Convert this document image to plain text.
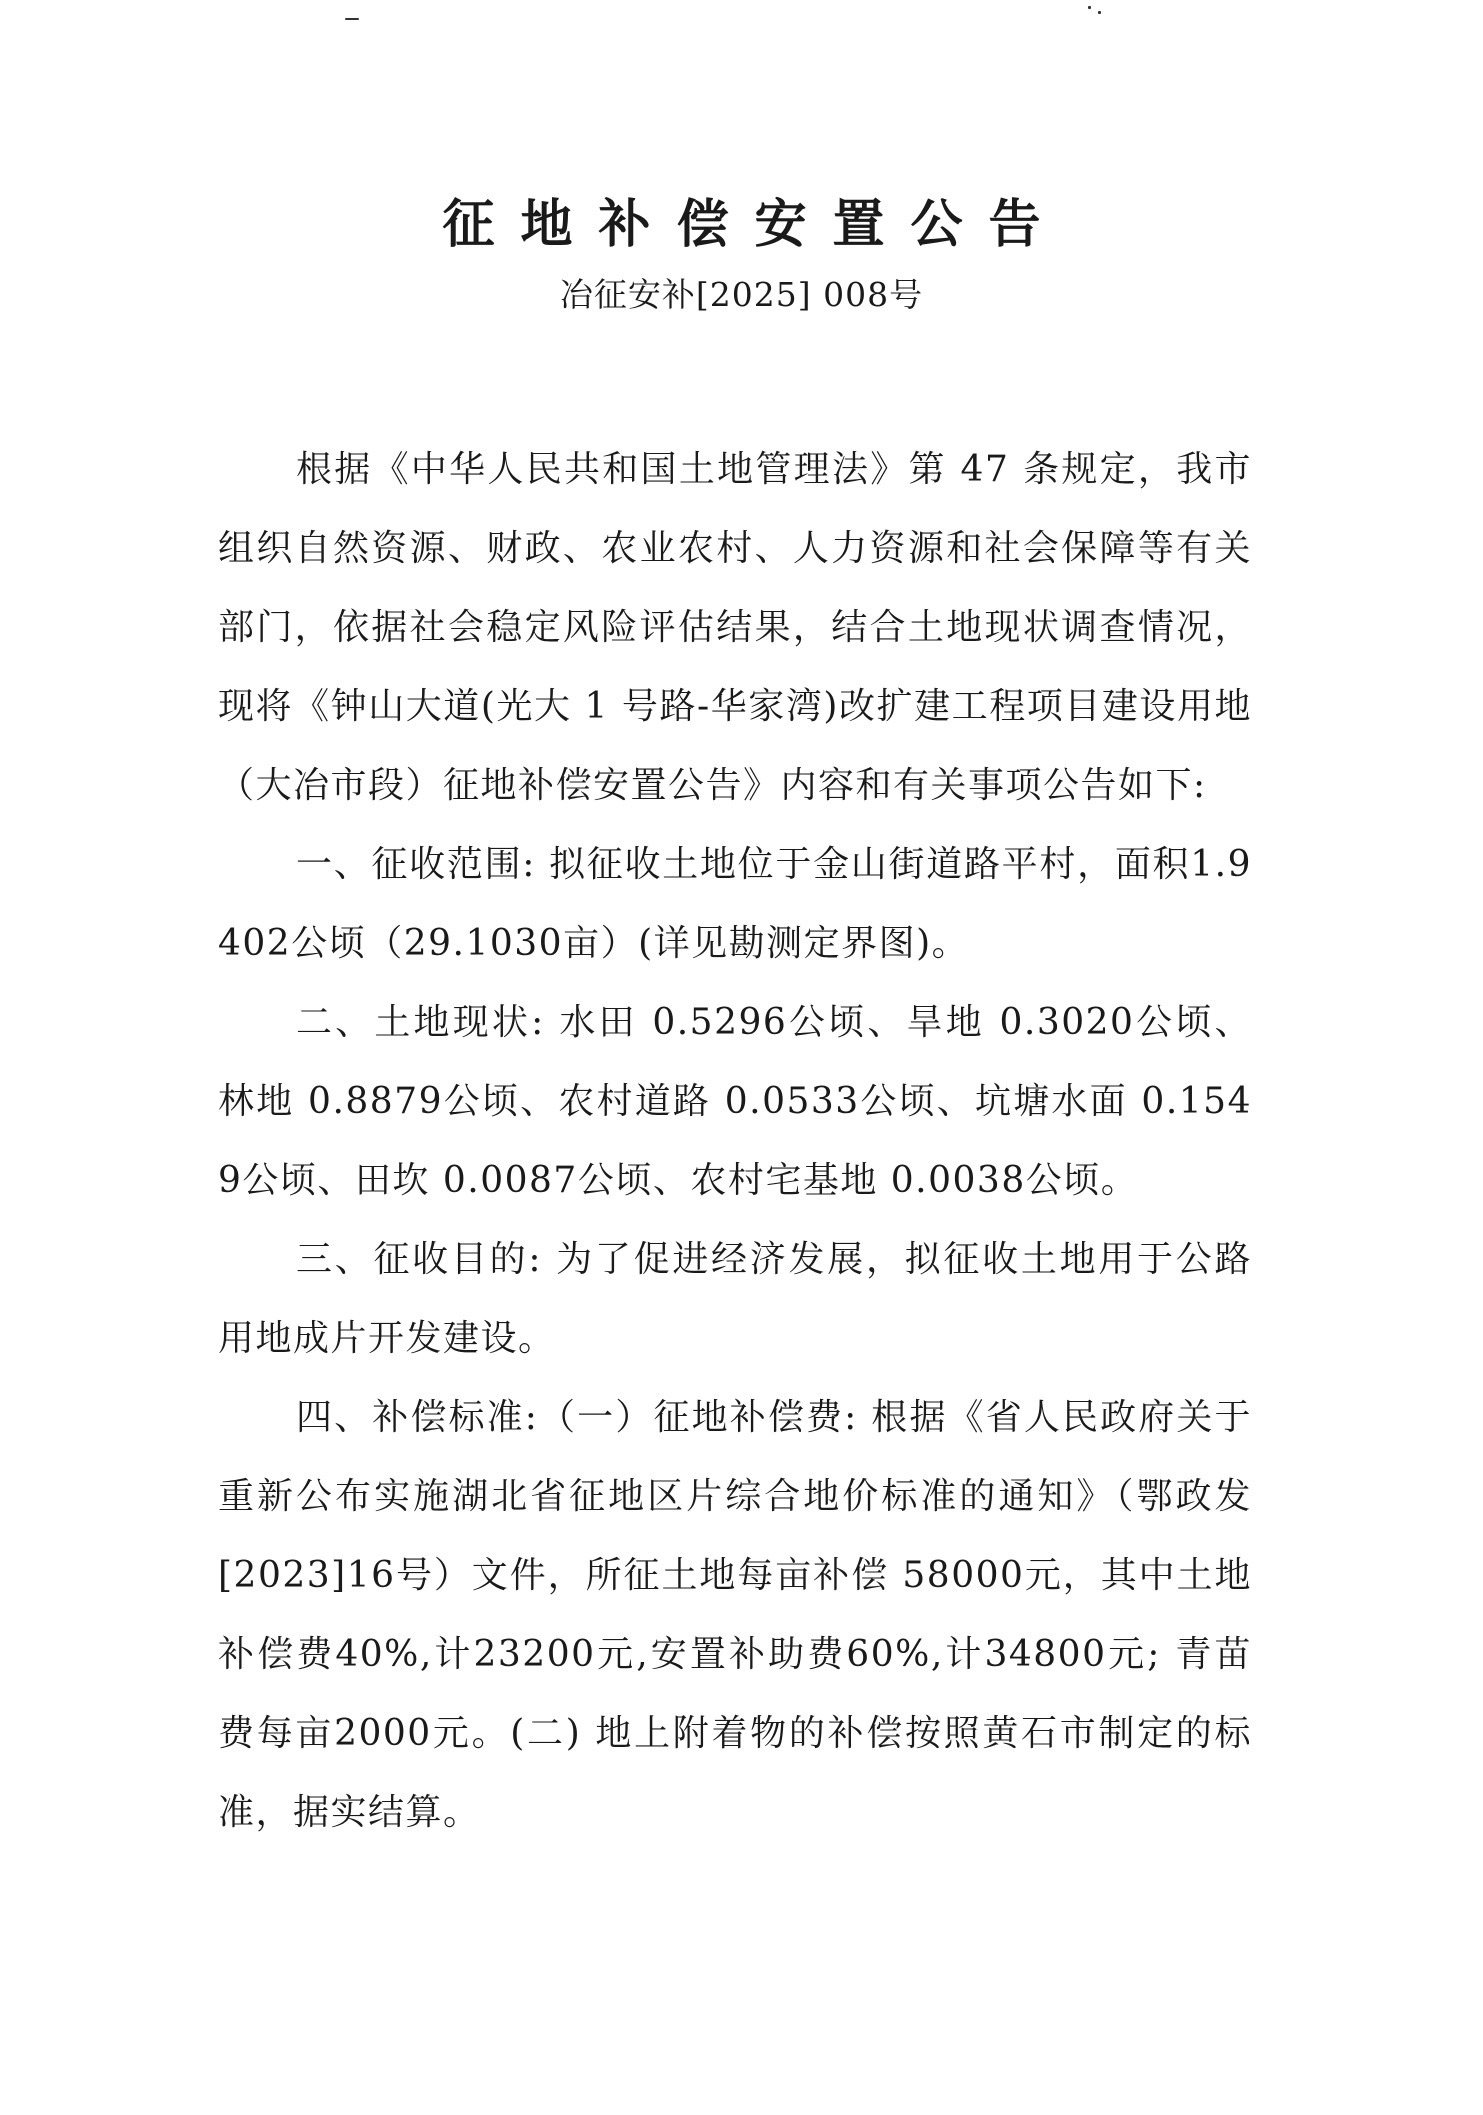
征地补偿安置公告
冶征安补[2025] 008号

根据《中华人民共和国土地管理法》第 47 条规定，我市组织自然资源、财政、农业农村、人力资源和社会保障等有关部门，依据社会稳定风险评估结果，结合土地现状调查情况，现将《钟山大道(光大 1 号路-华家湾)改扩建工程项目建设用地（大冶市段）征地补偿安置公告》内容和有关事项公告如下:

一、征收范围: 拟征收土地位于金山街道路平村，面积1.9402公顷（29.1030亩）(详见勘测定界图)。

二、土地现状: 水田 0.5296公顷、旱地 0.3020公顷、林地 0.8879公顷、农村道路 0.0533公顷、坑塘水面 0.1549公顷、田坎 0.0087公顷、农村宅基地 0.0038公顷。

三、征收目的: 为了促进经济发展，拟征收土地用于公路用地成片开发建设。

四、补偿标准:（一）征地补偿费: 根据《省人民政府关于重新公布实施湖北省征地区片综合地价标准的通知》（鄂政发[2023]16号）文件，所征土地每亩补偿 58000元，其中土地补偿费40%,计23200元,安置补助费60%,计34800元; 青苗费每亩2000元。(二) 地上附着物的补偿按照黄石市制定的标准，据实结算。
